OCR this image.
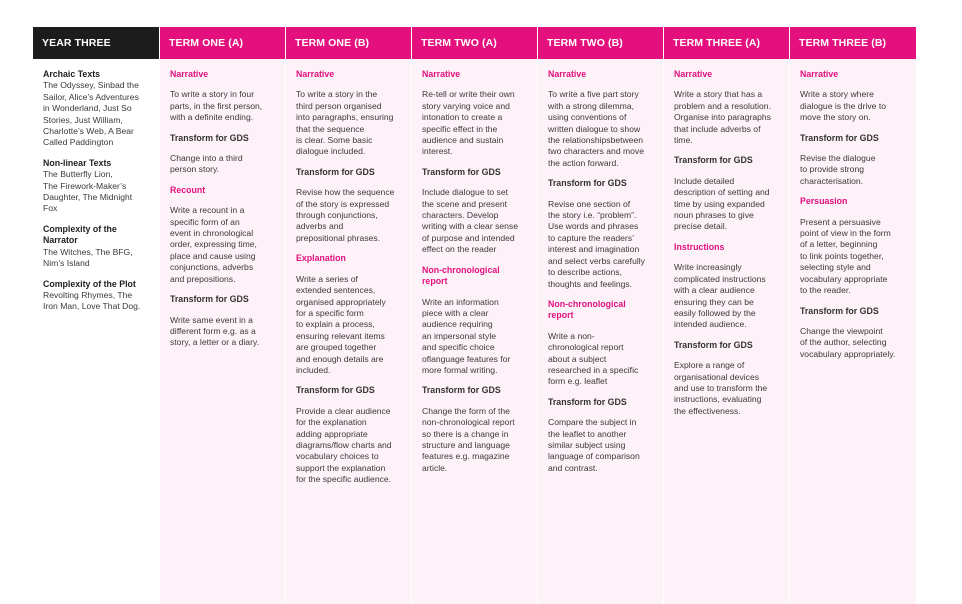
YEAR THREE
Archaic Texts
The Odyssey, Sinbad the
Sailor, Alice’s Adventures
in Wonderland, Just So
Stories, Just William,
Charlotte’s Web, A Bear
Called Paddington
Non-linear Texts
The Butterfly Lion,
The Firework-Maker’s
Daughter, The Midnight
Fox
Complexity of the
Narrator
The Witches, The BFG,
Nim’s Island
Complexity of the Plot
Revolting Rhymes, The
Iron Man, Love That Dog.
TERM ONE (A)
Narrative
To write a story in four
parts, in the first person,
with a definite ending.
Transform for GDS
Change into a third
person story.
Recount
Write a recount in a
specific form of an
event in chronological
order, expressing time,
place and cause using
conjunctions, adverbs
and prepositions.
Transform for GDS
Write same event in a
different form e.g. as a
story, a letter or a diary.
TERM ONE (B)
Narrative
To write a story in the
third person organised
into paragraphs, ensuring
that the sequence
is clear. Some basic
dialogue included.
Transform for GDS
Revise how the sequence
of the story is expressed
through conjunctions,
adverbs and
prepositional phrases.
Explanation
Write a series of
extended sentences,
organised appropriately
for a specific form
to explain a process,
ensuring relevant items
are grouped together
and enough details are
included.
Transform for GDS
Provide a clear audience
for the explanation
adding appropriate
diagrams/flow charts and
vocabulary choices to
support the explanation
for the specific audience.
TERM TWO (A)
Narrative
Re-tell or write their own
story varying voice and
intonation to create a
specific effect in the
audience and sustain
interest.
Transform for GDS
Include dialogue to set
the scene and present
characters. Develop
writing with a clear sense
of purpose and intended
effect on the reader
Non-chronological
report
Write an information
piece with a clear
audience requiring
an impersonal style
and specific choice
oflanguage features for
more formal writing.
Transform for GDS
Change the form of the
non-chronological report
so there is a change in
structure and language
features e.g. magazine
article.
TERM TWO (B)
Narrative
To write a five part story
with a strong dilemma,
using conventions of
written dialogue to show
the relationshipsbetween
two characters and move
the action forward.
Transform for GDS
Revise one section of
the story i.e. “problem”.
Use words and phrases
to capture the readers’
interest and imagination
and select verbs carefully
to describe actions,
thoughts and feelings.
Non-chronological
report
Write a non-
chronological report
about a subject
researched in a specific
form e.g. leaflet
Transform for GDS
Compare the subject in
the leaflet to another
similar subject using
language of comparison
and contrast.
TERM THREE (A)
Narrative
Write a story that has a
problem and a resolution.
Organise into paragraphs
that include adverbs of
time.
Transform for GDS
Include detailed
description of setting and
time by using expanded
noun phrases to give
precise detail.
Instructions
Write increasingly
complicated instructions
with a clear audience
ensuring they can be
easily followed by the
intended audience.
Transform for GDS
Explore a range of
organisational devices
and use to transform the
instructions, evaluating
the effectiveness.
TERM THREE (B)
Narrative
Write a story where
dialogue is the drive to
move the story on.
Transform for GDS
Revise the dialogue
to provide strong
characterisation.
Persuasion
Present a persuasive
point of view in the form
of a letter, beginning
to link points together,
selecting style and
vocabulary appropriate
to the reader.
Transform for GDS
Change the viewpoint
of the author, selecting
vocabulary appropriately.
